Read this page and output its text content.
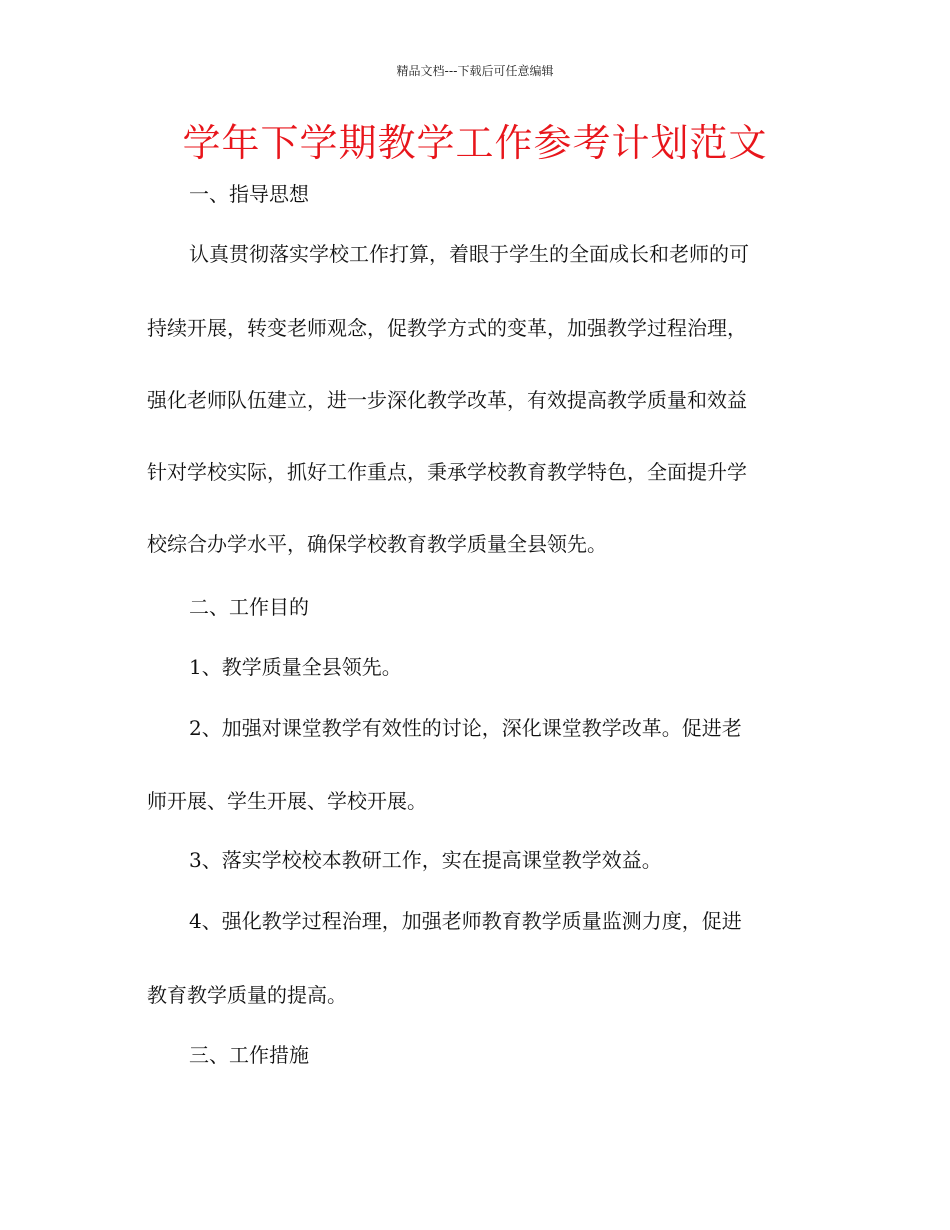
精品文档---下载后可任意编辑
学年下学期教学工作参考计划范文
一、指导思想
认真贯彻落实学校工作打算，着眼于学生的全面成长和老师的可
持续开展，转变老师观念，促教学方式的变革，加强教学过程治理，
强化老师队伍建立，进一步深化教学改革，有效提高教学质量和效益
针对学校实际，抓好工作重点，秉承学校教育教学特色，全面提升学
校综合办学水平，确保学校教育教学质量全县领先。
二、工作目的
1、教学质量全县领先。
2、加强对课堂教学有效性的讨论，深化课堂教学改革。促进老
师开展、学生开展、学校开展。
3、落实学校校本教研工作，实在提高课堂教学效益。
4、强化教学过程治理，加强老师教育教学质量监测力度，促进
教育教学质量的提高。
三、工作措施
